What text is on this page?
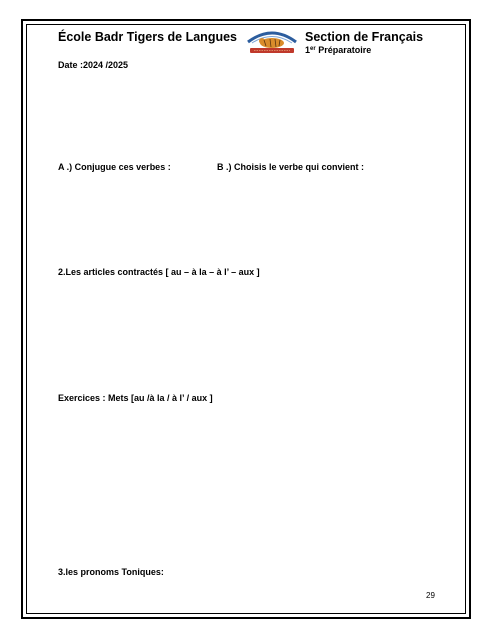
École Badr Tigers de Langues	Section de Français
1er Préparatoire
Date :2024 /2025
A .) Conjugue ces verbes :	B .) Choisis le verbe qui convient :
2.Les articles contractés [ au – à la – à l’ – aux ]
Exercices : Mets [au /à la / à l’ / aux ]
3.les pronoms Toniques:
29
